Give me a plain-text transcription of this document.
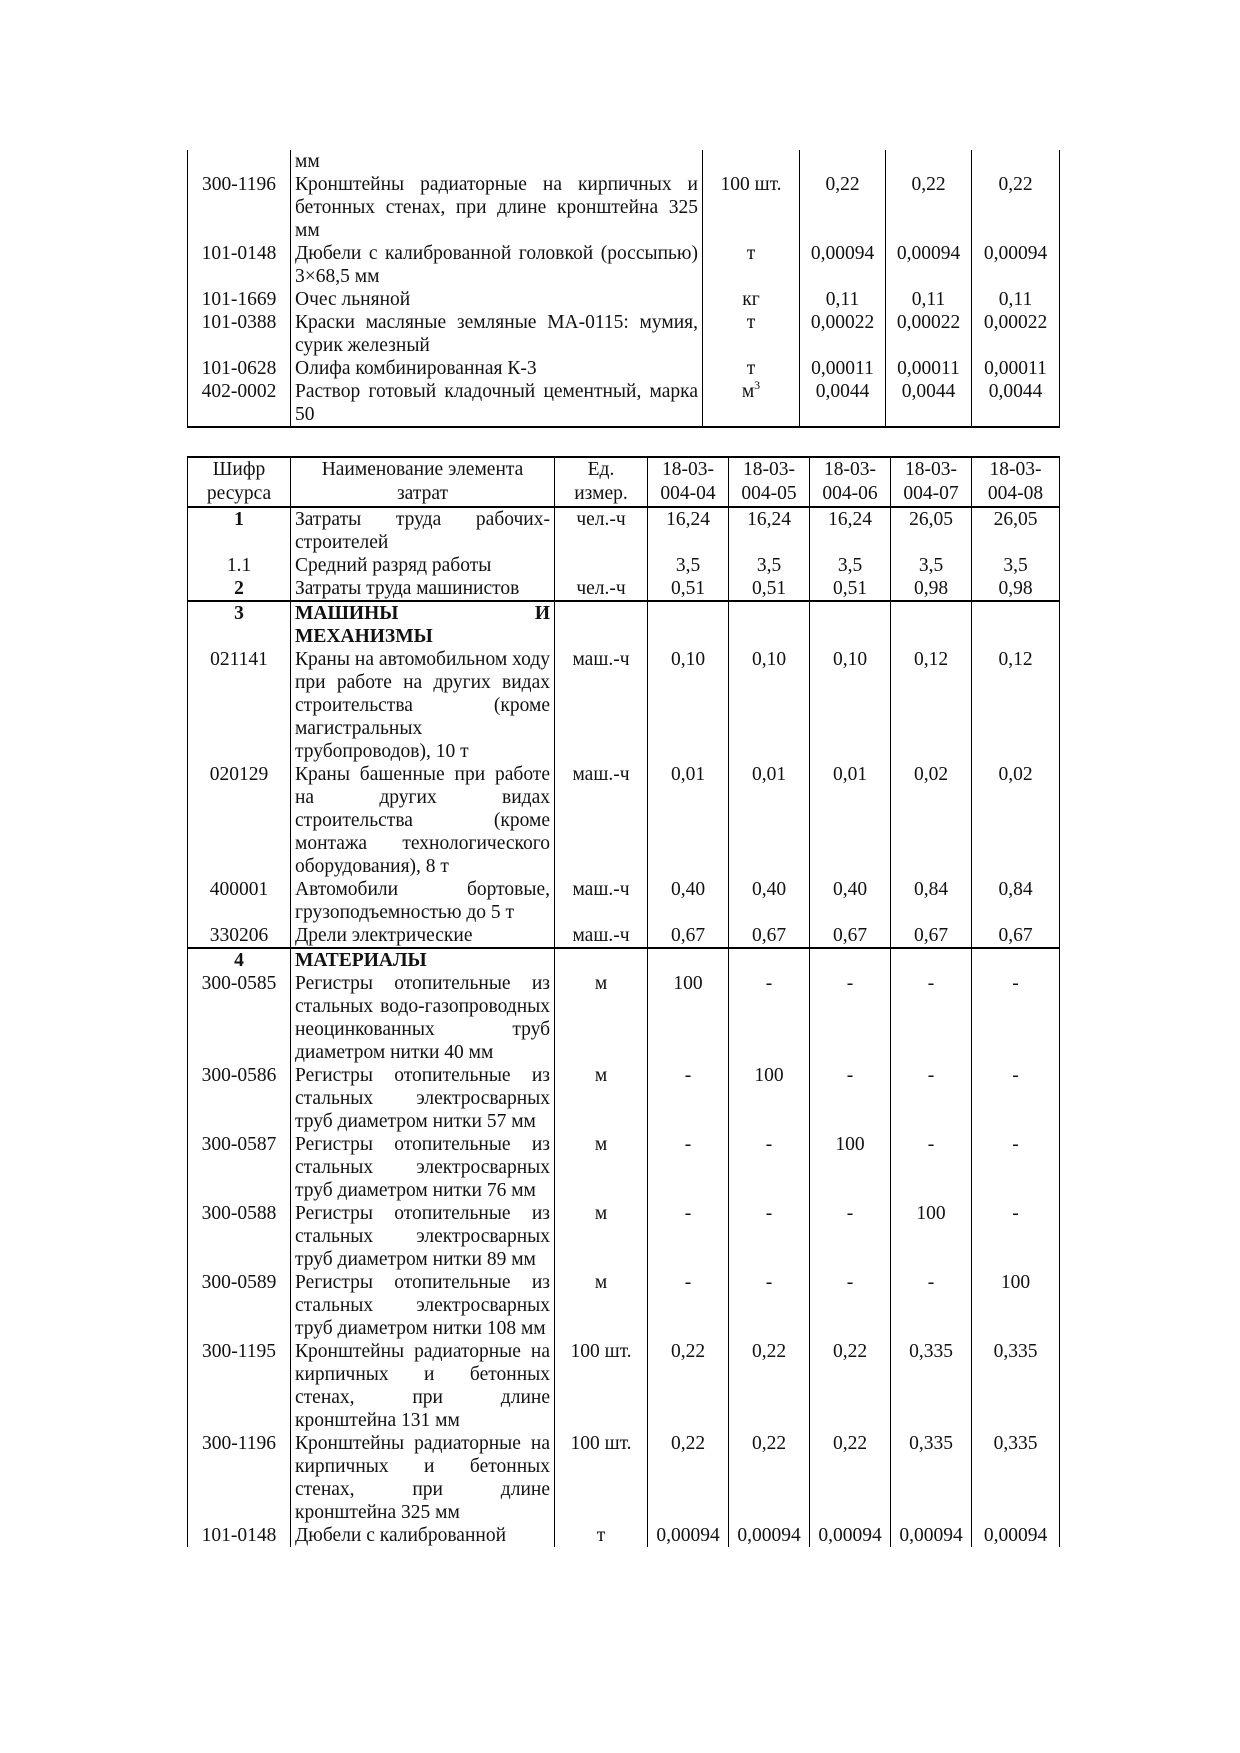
	мм				
300-1196	Кронштейны радиаторные на кирпичных и бетонных стенах, при длине кронштейна 325 мм	100 шт.	0,22	0,22	0,22
101-0148	Дюбели с калиброванной головкой (россыпью) 3×68,5 мм	т	0,00094	0,00094	0,00094
101-1669	Очес льняной	кг	0,11	0,11	0,11
101-0388	Краски масляные земляные МА-0115: мумия, сурик железный	т	0,00022	0,00022	0,00022
101-0628	Олифа комбинированная К-3	т	0,00011	0,00011	0,00011
402-0002	Раствор готовый кладочный цементный, марка 50	$м^3$	0,0044	0,0044	0,0044
Шифр ресурса	Наименование элемента затрат	Ед. измер.	18-03-004-04	18-03-004-05	18-03-004-06	18-03-004-07	18-03-004-08
1	Затраты труда рабочих-строителей	чел.-ч	16,24	16,24	16,24	26,05	26,05
1.1	Средний разряд работы		3,5	3,5	3,5	3,5	3,5
2	Затраты труда машинистов	чел.-ч	0,51	0,51	0,51	0,98	0,98
3	МАШИНЫ И МЕХАНИЗМЫ						
021141	Краны на автомобильном ходу при работе на других видах строительства (кроме магистральных трубопроводов), 10 т	маш.-ч	0,10	0,10	0,10	0,12	0,12
020129	Краны башенные при работе на других видах строительства (кроме монтажа технологического оборудования), 8 т	маш.-ч	0,01	0,01	0,01	0,02	0,02
400001	Автомобили бортовые, грузоподъемностью до 5 т	маш.-ч	0,40	0,40	0,40	0,84	0,84
330206	Дрели электрические	маш.-ч	0,67	0,67	0,67	0,67	0,67
4	МАТЕРИАЛЫ						
300-0585	Регистры отопительные из стальных водо-газопроводных неоцинкованных труб диаметром нитки 40 мм	м	100	-	-	-	-
300-0586	Регистры отопительные из стальных электросварных труб диаметром нитки 57 мм	м	-	100	-	-	-
300-0587	Регистры отопительные из стальных электросварных труб диаметром нитки 76 мм	м	-	-	100	-	-
300-0588	Регистры отопительные из стальных электросварных труб диаметром нитки 89 мм	м	-	-	-	100	-
300-0589	Регистры отопительные из стальных электросварных труб диаметром нитки 108 мм	м	-	-	-	-	100
300-1195	Кронштейны радиаторные на кирпичных и бетонных стенах, при длине кронштейна 131 мм	100 шт.	0,22	0,22	0,22	0,335	0,335
300-1196	Кронштейны радиаторные на кирпичных и бетонных стенах, при длине кронштейна 325 мм	100 шт.	0,22	0,22	0,22	0,335	0,335
101-0148	Дюбели с калиброванной	т	0,00094	0,00094	0,00094	0,00094	0,00094
